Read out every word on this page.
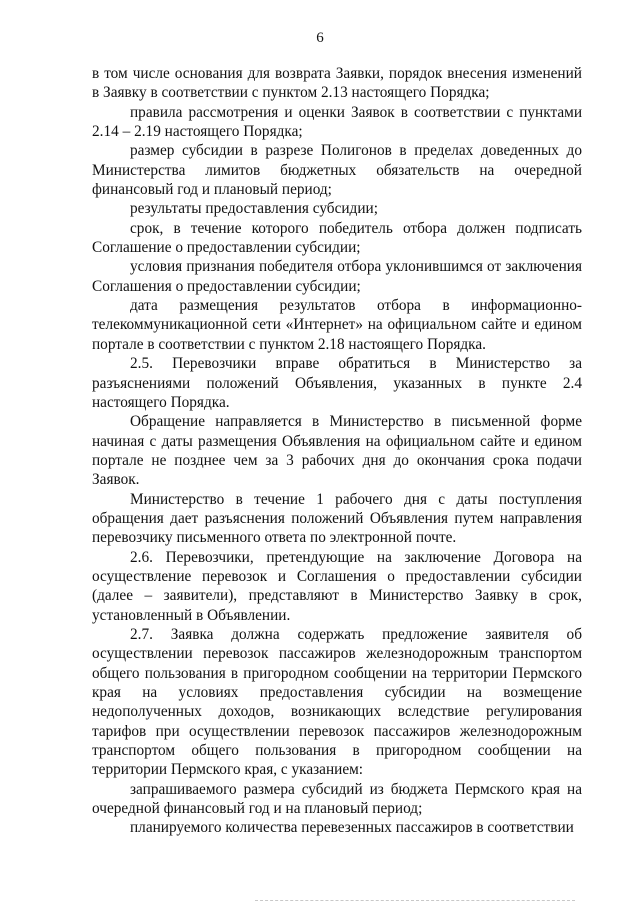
6

в том числе основания для возврата Заявки, порядок внесения изменений в Заявку в соответствии с пунктом 2.13 настоящего Порядка;

правила рассмотрения и оценки Заявок в соответствии с пунктами 2.14 – 2.19 настоящего Порядка;

размер субсидии в разрезе Полигонов в пределах доведенных до Министерства лимитов бюджетных обязательств на очередной финансовый год и плановый период;

результаты предоставления субсидии;

срок, в течение которого победитель отбора должен подписать Соглашение о предоставлении субсидии;

условия признания победителя отбора уклонившимся от заключения Соглашения о предоставлении субсидии;

дата размещения результатов отбора в информационно-телекоммуникационной сети «Интернет» на официальном сайте и едином портале в соответствии с пунктом 2.18 настоящего Порядка.

2.5. Перевозчики вправе обратиться в Министерство за разъяснениями положений Объявления, указанных в пункте 2.4 настоящего Порядка.

Обращение направляется в Министерство в письменной форме начиная с даты размещения Объявления на официальном сайте и едином портале не позднее чем за 3 рабочих дня до окончания срока подачи Заявок.

Министерство в течение 1 рабочего дня с даты поступления обращения дает разъяснения положений Объявления путем направления перевозчику письменного ответа по электронной почте.

2.6. Перевозчики, претендующие на заключение Договора на осуществление перевозок и Соглашения о предоставлении субсидии (далее – заявители), представляют в Министерство Заявку в срок, установленный в Объявлении.

2.7. Заявка должна содержать предложение заявителя об осуществлении перевозок пассажиров железнодорожным транспортом общего пользования в пригородном сообщении на территории Пермского края на условиях предоставления субсидии на возмещение недополученных доходов, возникающих вследствие регулирования тарифов при осуществлении перевозок пассажиров железнодорожным транспортом общего пользования в пригородном сообщении на территории Пермского края, с указанием:

запрашиваемого размера субсидий из бюджета Пермского края на очередной финансовый год и на плановый период;

планируемого количества перевезенных пассажиров в соответствии
